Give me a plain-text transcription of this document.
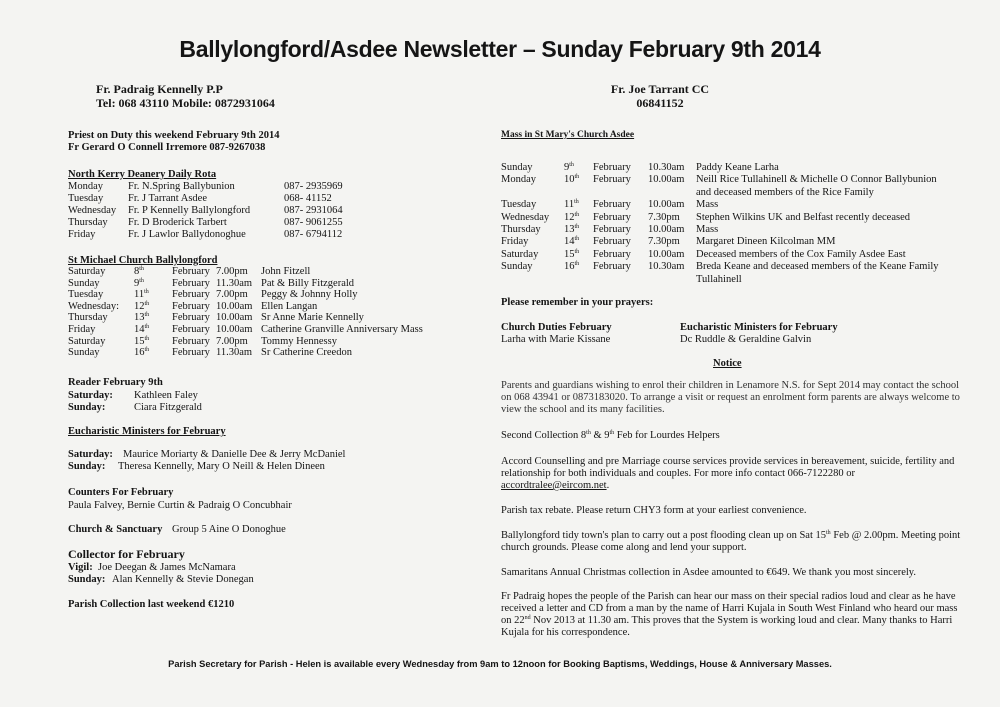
Ballylongford/Asdee Newsletter – Sunday February 9th 2014
Fr. Padraig Kennelly P.P
Tel: 068 43110 Mobile: 0872931064
Fr. Joe Tarrant CC
06841152
Priest on Duty this weekend February 9th 2014
Fr Gerard O Connell Irremore 087-9267038
North Kerry Deanery Daily Rota
Monday Fr. N.Spring Ballybunion	087- 2935969
Tuesday Fr. J Tarrant Asdee	068- 41152
Wednesday Fr. P Kennelly Ballylongford	087- 2931064
Thursday Fr. D Broderick Tarbert	087- 9061255
Friday	Fr. J Lawlor Ballydonoghue	087- 6794112
St Michael Church Ballylongford
Saturday	8th	February 7.00pm John Fitzell
Sunday	9th	February 11.30am Pat & Billy Fitzgerald
Tuesday	11th February 7.00pm Peggy & Johnny Holly
Wednesday: 12th February 10.00am Ellen Langan
Thursday	13th February 10.00am Sr Anne Marie Kennelly
Friday	14th February 10.00am Catherine Granville Anniversary Mass
Saturday	15th February 7.00pm Tommy Hennessy
Sunday	16th February 11.30am Sr Catherine Creedon
Reader February 9th
Saturday: Kathleen Faley
Sunday:	Ciara Fitzgerald
Eucharistic Ministers for February
Saturday: Maurice Moriarty & Danielle Dee & Jerry McDaniel
Sunday: Theresa Kennelly, Mary O Neill & Helen Dineen
Counters For February
Paula Falvey, Bernie Curtin & Padraig O Concubhair
Church & Sanctuary Group 5 Aine O Donoghue
Collector for February
Vigil: Joe Deegan & James McNamara
Sunday: Alan Kennelly & Stevie Donegan
Parish Collection last weekend €1210
Mass in St Mary's Church Asdee
Sunday	9th February 10.30am Paddy Keane Larha
Monday	10th February 10.00am Neill Rice Tullahinell & Michelle O Connor Ballybunion
and deceased members of the Rice Family
Tuesday	11th February 10.00am Mass
Wednesday 12th February 7.30pm Stephen Wilkins UK and Belfast recently deceased
Thursday 13th February 10.00am Mass
Friday	14th February 7.30pm Margaret Dineen Kilcolman MM
Saturday 15th February 10.00am Deceased members of the Cox Family Asdee East
Sunday	16th February 10.30am Breda Keane and deceased members of the Keane Family
Tullahinell
Please remember in your prayers:
Church Duties February
Larha with Marie Kissane
Eucharistic Ministers for February
Dc Ruddle & Geraldine Galvin
Notice
Parents and guardians wishing to enrol their children in Lenamore N.S. for Sept 2014 may contact the school on 068 43941 or 0873183020. To arrange a visit or request an enrolment form parents are always welcome to view the school and its many facilities.
Second Collection 8th & 9th Feb for Lourdes Helpers
Accord Counselling and pre Marriage course services provide services in bereavement, suicide, fertility and relationship for both individuals and couples. For more info contact 066-7122280 or
accordtralee@eircom.net.
Parish tax rebate. Please return CHY3 form at your earliest convenience.
Ballylongford tidy town's plan to carry out a post flooding clean up on Sat 15th Feb @ 2.00pm. Meeting point church grounds. Please come along and lend your support.
Samaritans Annual Christmas collection in Asdee amounted to €649. We thank you most sincerely.
Fr Padraig hopes the people of the Parish can hear our mass on their special radios loud and clear as he have received a letter and CD from a man by the name of Harri Kujala in South West Finland who heard our mass on 22nd Nov 2013 at 11.30 am. This proves that the System is working loud and clear. Many thanks to Harri Kujala for his correspondence.
Parish Secretary for Parish - Helen is available every Wednesday from 9am to 12noon for Booking Baptisms, Weddings, House & Anniversary Masses.
